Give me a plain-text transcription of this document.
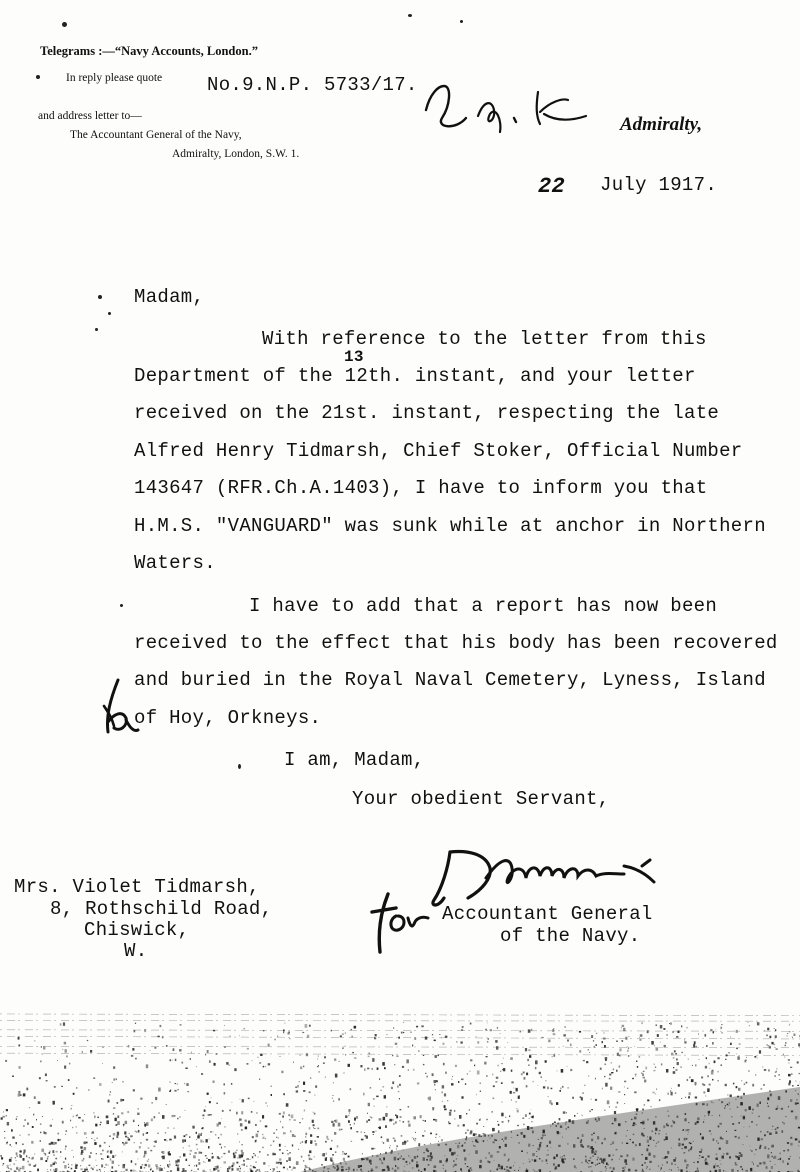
Telegrams :—“Navy Accounts, London.”
In reply please quote No.9.N.P. 5733/17.
and address letter to—
The Accountant General of the Navy,
Admiralty, London, S.W. 1.
Admiralty,
22 July 1917.
Madam,
With reference to the letter from this
13
Department of the 12th. instant, and your letter
received on the 21st. instant, respecting the late
Alfred Henry Tidmarsh, Chief Stoker, Official Number
143647 (RFR.Ch.A.1403), I have to inform you that
H.M.S. "VANGUARD" was sunk while at anchor in Northern
Waters.
I have to add that a report has now been
received to the effect that his body has been recovered
and buried in the Royal Naval Cemetery, Lyness, Island
of Hoy, Orkneys.
I am, Madam,
Your obedient Servant,
Mrs. Violet Tidmarsh,
8, Rothschild Road,
Chiswick,
W.
Accountant General
of the Navy.
